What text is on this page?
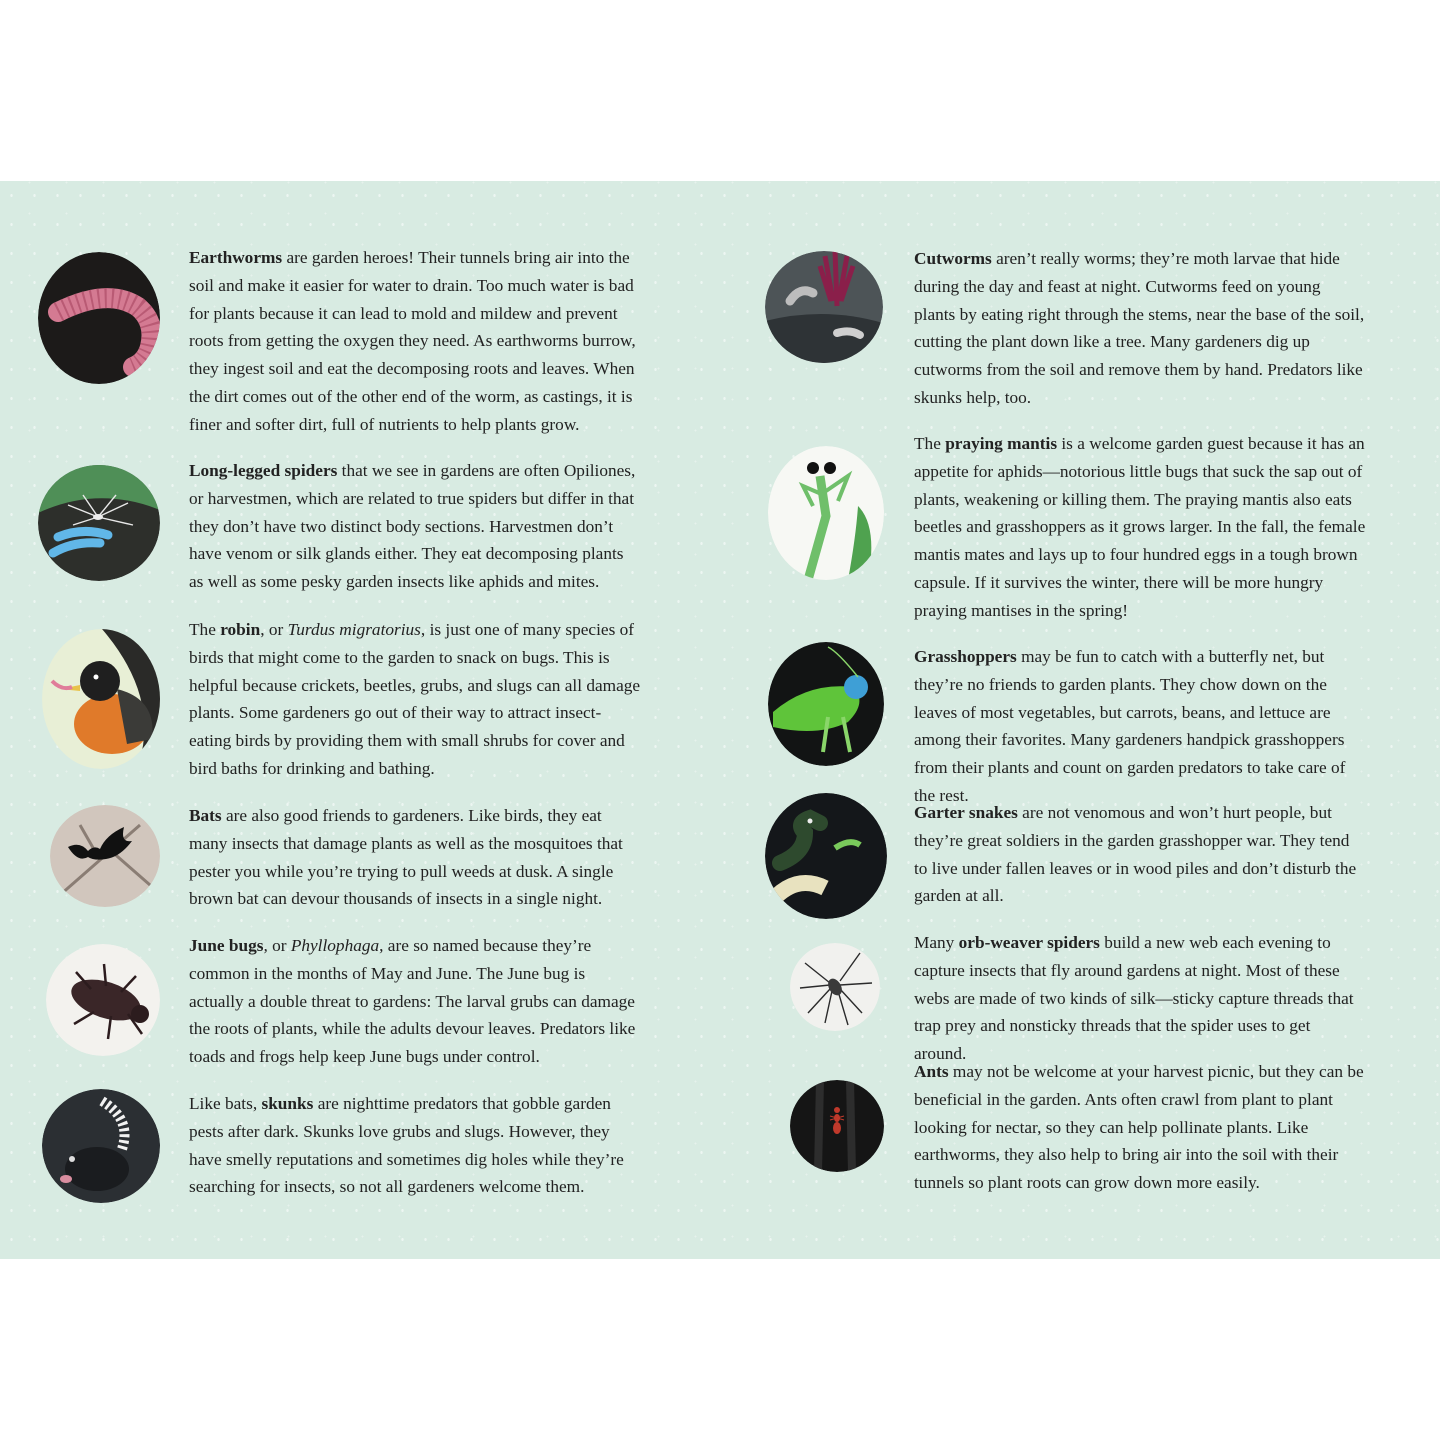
Earthworms are garden heroes! Their tunnels bring air into the soil and make it easier for water to drain. Too much water is bad for plants because it can lead to mold and mildew and prevent roots from getting the oxygen they need. As earthworms burrow, they ingest soil and eat the decomposing roots and leaves. When the dirt comes out of the other end of the worm, as castings, it is finer and softer dirt, full of nutrients to help plants grow.

Long-legged spiders that we see in gardens are often Opiliones, or harvestmen, which are related to true spiders but differ in that they don’t have two distinct body sections. Harvestmen don’t have venom or silk glands either. They eat decomposing plants as well as some pesky garden insects like aphids and mites.

The robin, or Turdus migratorius, is just one of many species of birds that might come to the garden to snack on bugs. This is helpful because crickets, beetles, grubs, and slugs can all damage plants. Some gardeners go out of their way to attract insect-eating birds by providing them with small shrubs for cover and bird baths for drinking and bathing.

Bats are also good friends to gardeners. Like birds, they eat many insects that damage plants as well as the mosquitoes that pester you while you’re trying to pull weeds at dusk. A single brown bat can devour thousands of insects in a single night.

June bugs, or Phyllophaga, are so named because they’re common in the months of May and June. The June bug is actually a double threat to gardens: The larval grubs can damage the roots of plants, while the adults devour leaves. Predators like toads and frogs help keep June bugs under control.

Like bats, skunks are nighttime predators that gobble garden pests after dark. Skunks love grubs and slugs. However, they have smelly reputations and sometimes dig holes while they’re searching for insects, so not all gardeners welcome them.

Cutworms aren’t really worms; they’re moth larvae that hide during the day and feast at night. Cutworms feed on young plants by eating right through the stems, near the base of the soil, cutting the plant down like a tree. Many gardeners dig up cutworms from the soil and remove them by hand. Predators like skunks help, too.

The praying mantis is a welcome garden guest because it has an appetite for aphids—notorious little bugs that suck the sap out of plants, weakening or killing them. The praying mantis also eats beetles and grasshoppers as it grows larger. In the fall, the female mantis mates and lays up to four hundred eggs in a tough brown capsule. If it survives the winter, there will be more hungry praying mantises in the spring!

Grasshoppers may be fun to catch with a butterfly net, but they’re no friends to garden plants. They chow down on the leaves of most vegetables, but carrots, beans, and lettuce are among their favorites. Many gardeners handpick grasshoppers from their plants and count on garden predators to take care of the rest.

Garter snakes are not venomous and won’t hurt people, but they’re great soldiers in the garden grasshopper war. They tend to live under fallen leaves or in wood piles and don’t disturb the garden at all.

Many orb-weaver spiders build a new web each evening to capture insects that fly around gardens at night. Most of these webs are made of two kinds of silk—sticky capture threads that trap prey and nonsticky threads that the spider uses to get around.

Ants may not be welcome at your harvest picnic, but they can be beneficial in the garden. Ants often crawl from plant to plant looking for nectar, so they can help pollinate plants. Like earthworms, they also help to bring air into the soil with their tunnels so plant roots can grow down more easily.
